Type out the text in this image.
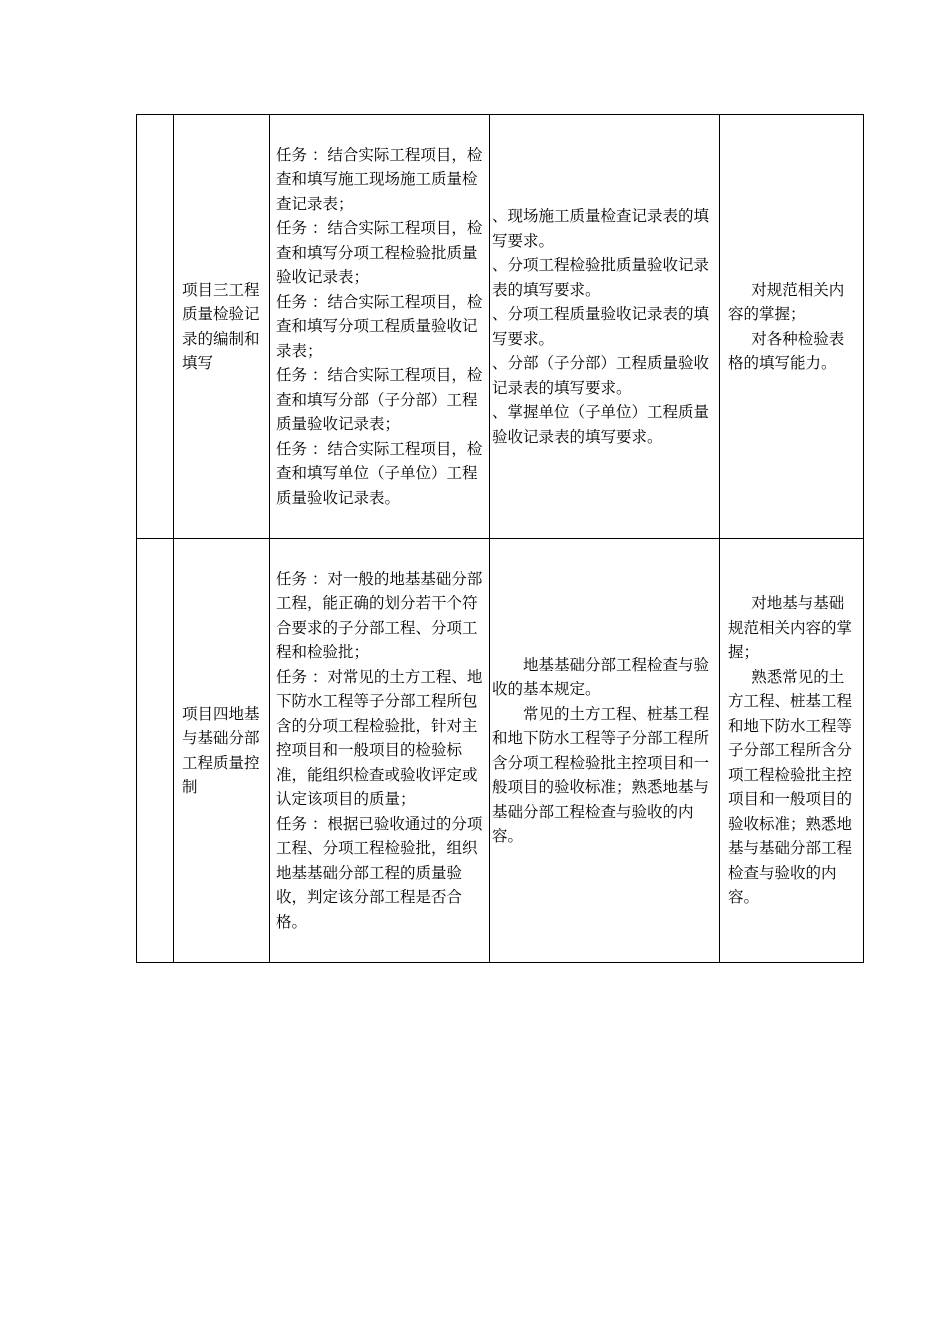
	项目三工程质量检验记录的编制和填写	任务 ：结合实际工程项目，检查和填写施工现场施工质量检查记录表；
任务 ：结合实际工程项目，检查和填写分项工程检验批质量验收记录表；
任务 ：结合实际工程项目，检查和填写分项工程质量验收记录表；
任务 ：结合实际工程项目，检查和填写分部（子分部）工程质量验收记录表；
任务 ：结合实际工程项目，检查和填写单位（子单位）工程质量验收记录表。	、现场施工质量检查记录表的填写要求。
、分项工程检验批质量验收记录表的填写要求。
、分项工程质量验收记录表的填写要求。
、分部（子分部）工程质量验收记录表的填写要求。
、掌握单位（子单位）工程质量验收记录表的填写要求。	对规范相关内容的掌握；
对各种检验表格的填写能力。

	项目四地基与基础分部工程质量控制	任务 ：对一般的地基基础分部工程，能正确的划分若干个符合要求的子分部工程、分项工程和检验批；
任务 ：对常见的土方工程、地下防水工程等子分部工程所包含的分项工程检验批，针对主控项目和一般项目的检验标准，能组织检查或验收评定或认定该项目的质量；
任务 ：根据已验收通过的分项工程、分项工程检验批，组织地基基础分部工程的质量验收，判定该分部工程是否合格。	地基基础分部工程检查与验收的基本规定。
常见的土方工程、桩基工程和地下防水工程等子分部工程所含分项工程检验批主控项目和一般项目的验收标准；熟悉地基与基础分部工程检查与验收的内容。	对地基与基础规范相关内容的掌握；
熟悉常见的土方工程、桩基工程和地下防水工程等子分部工程所含分项工程检验批主控项目和一般项目的验收标准；熟悉地基与基础分部工程检查与验收的内容。
